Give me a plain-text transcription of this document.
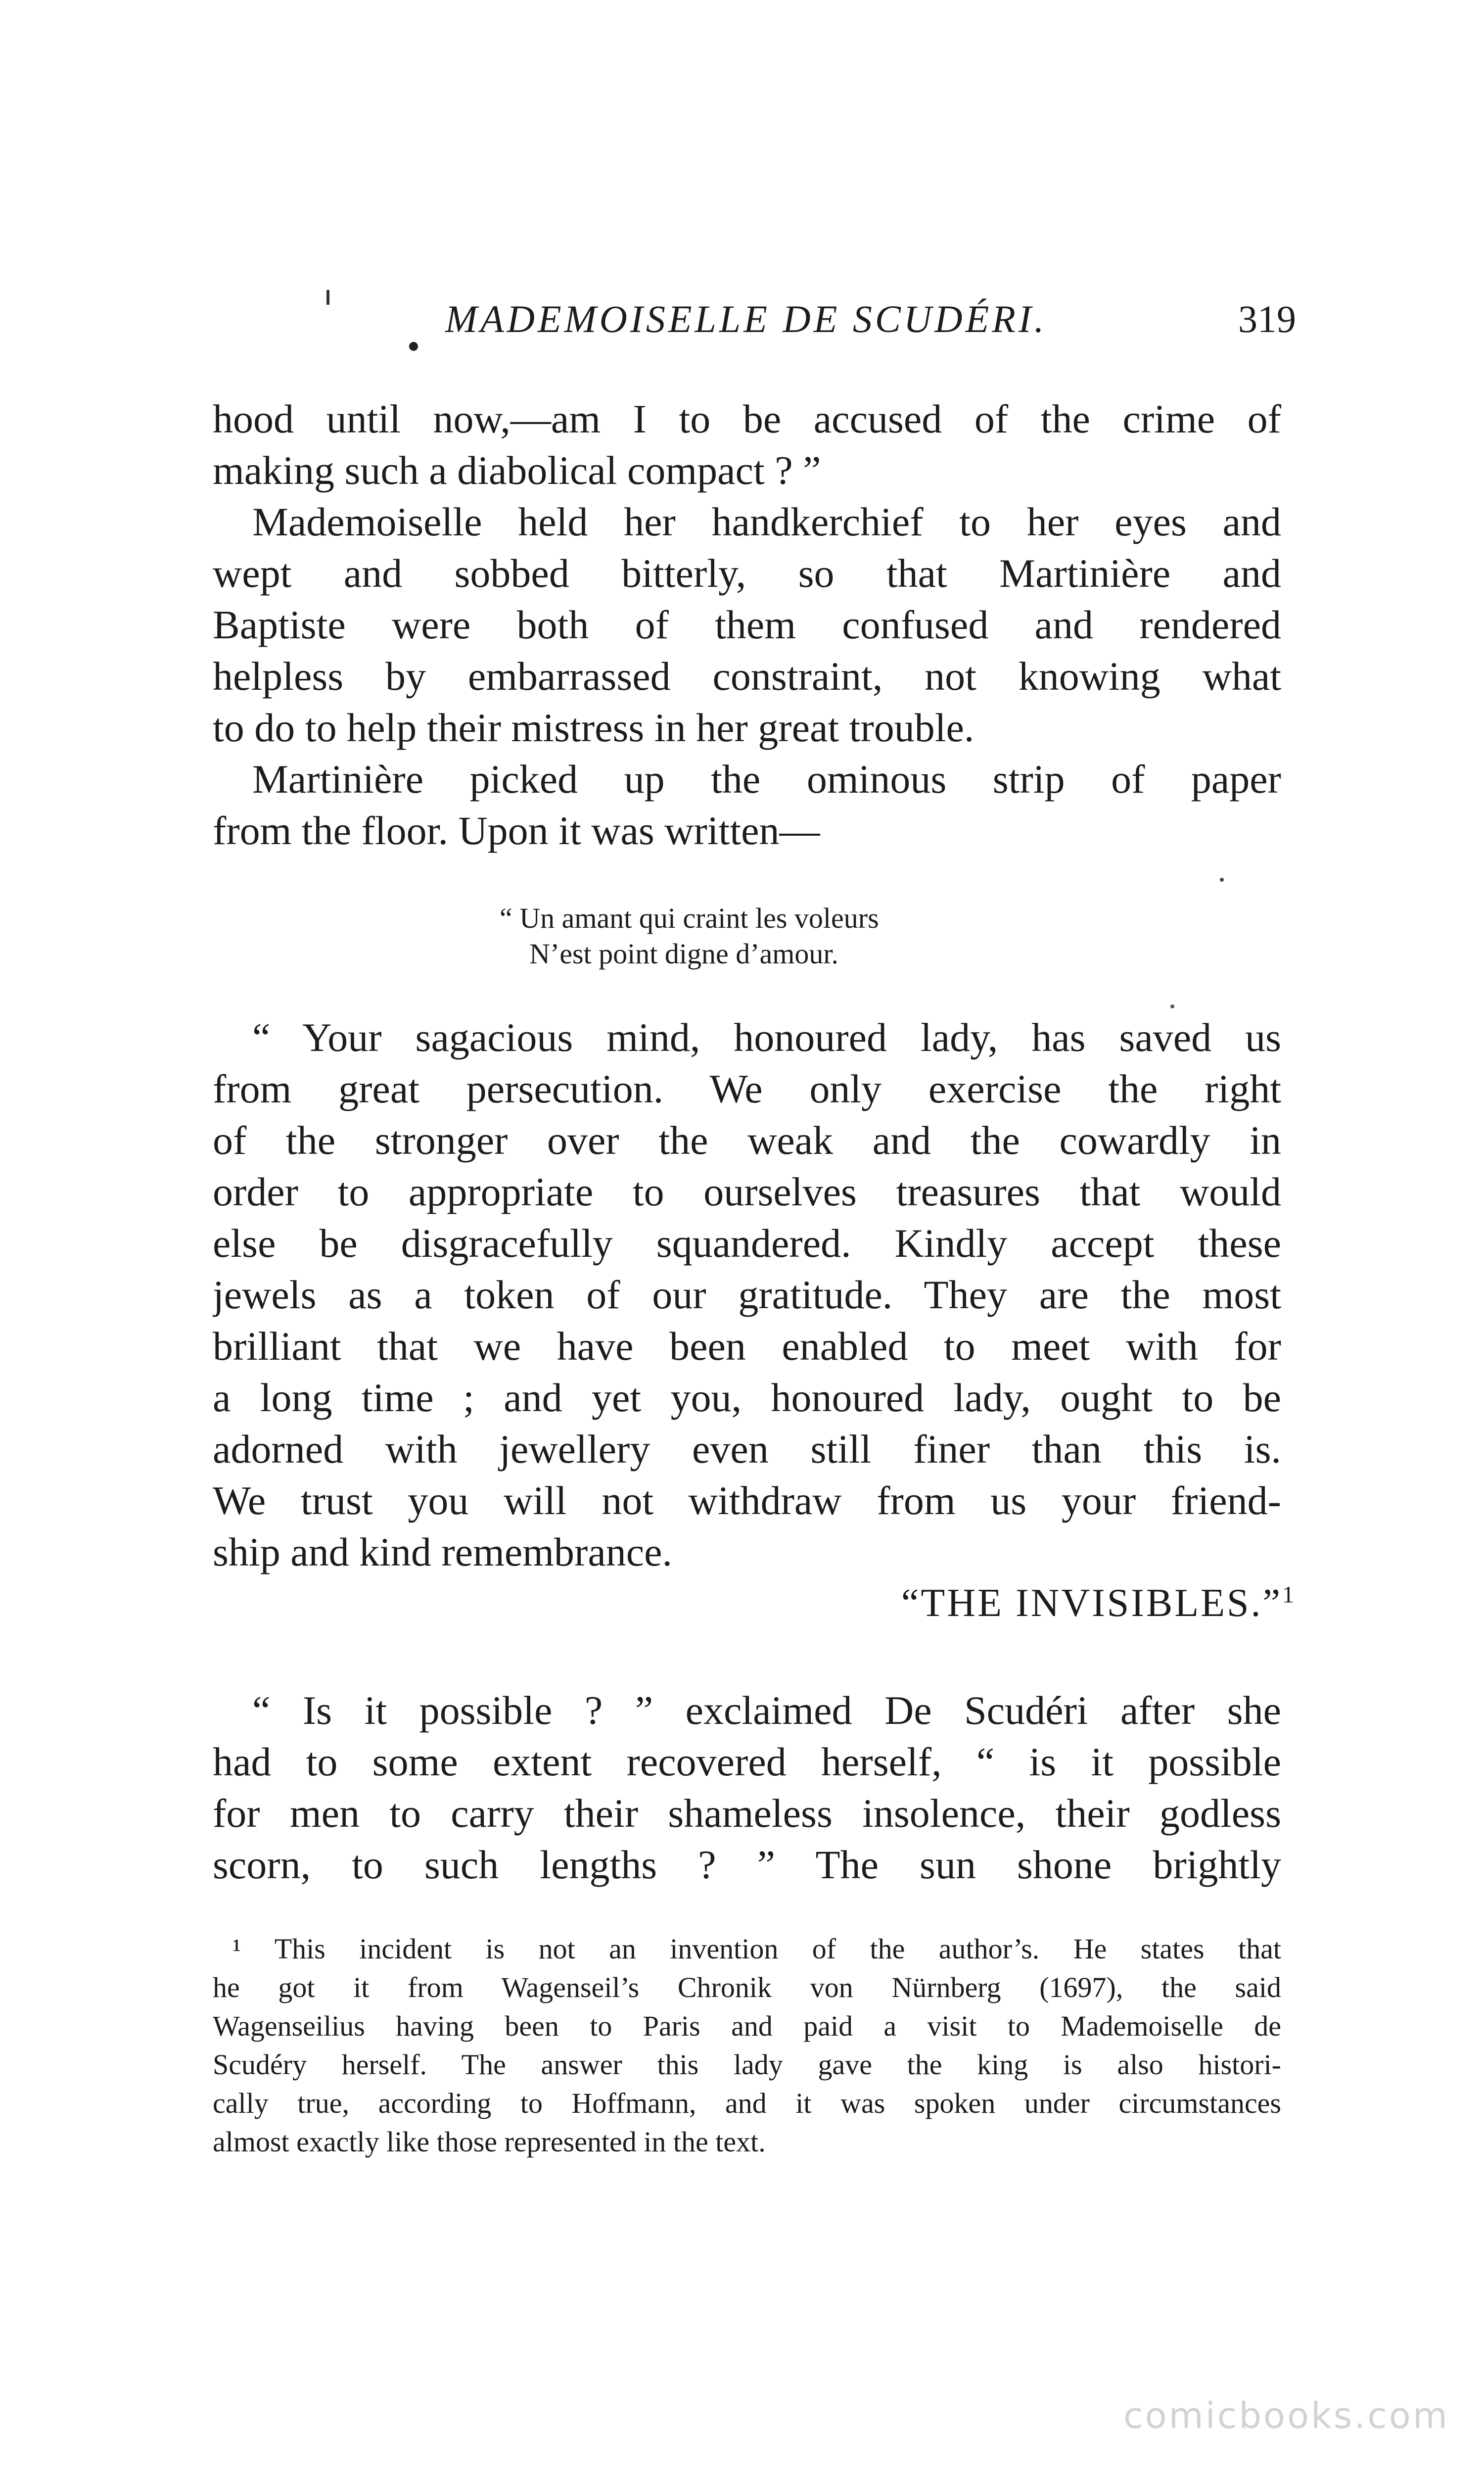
MADEMOISELLE DE SCUDÉRI.	319
hood until now,—am I to be accused of the crime of
making such a diabolical compact ? ”
Mademoiselle held her handkerchief to her eyes and
wept and sobbed bitterly, so that Martinière and
Baptiste were both of them confused and rendered
helpless by embarrassed constraint, not knowing what
to do to help their mistress in her great trouble.
Martinière picked up the ominous strip of paper
from the floor. Upon it was written—
“ Un amant qui craint les voleurs
N’est point digne d’amour.
“ Your sagacious mind, honoured lady, has saved us
from great persecution. We only exercise the right
of the stronger over the weak and the cowardly in
order to appropriate to ourselves treasures that would
else be disgracefully squandered. Kindly accept these
jewels as a token of our gratitude. They are the most
brilliant that we have been enabled to meet with for
a long time ; and yet you, honoured lady, ought to be
adorned with jewellery even still finer than this is.
We trust you will not withdraw from us your friend-
ship and kind remembrance.
“THE INVISIBLES.”$^1$
“ Is it possible ? ” exclaimed De Scudéri after she
had to some extent recovered herself, “ is it possible
for men to carry their shameless insolence, their godless
scorn, to such lengths ? ” The sun shone brightly
¹ This incident is not an invention of the author’s. He states that
he got it from Wagenseil’s Chronik von Nürnberg (1697), the said
Wagenseilius having been to Paris and paid a visit to Mademoiselle de
Scudéry herself. The answer this lady gave the king is also histori-
cally true, according to Hoffmann, and it was spoken under circumstances
almost exactly like those represented in the text.
comicbooks.com
